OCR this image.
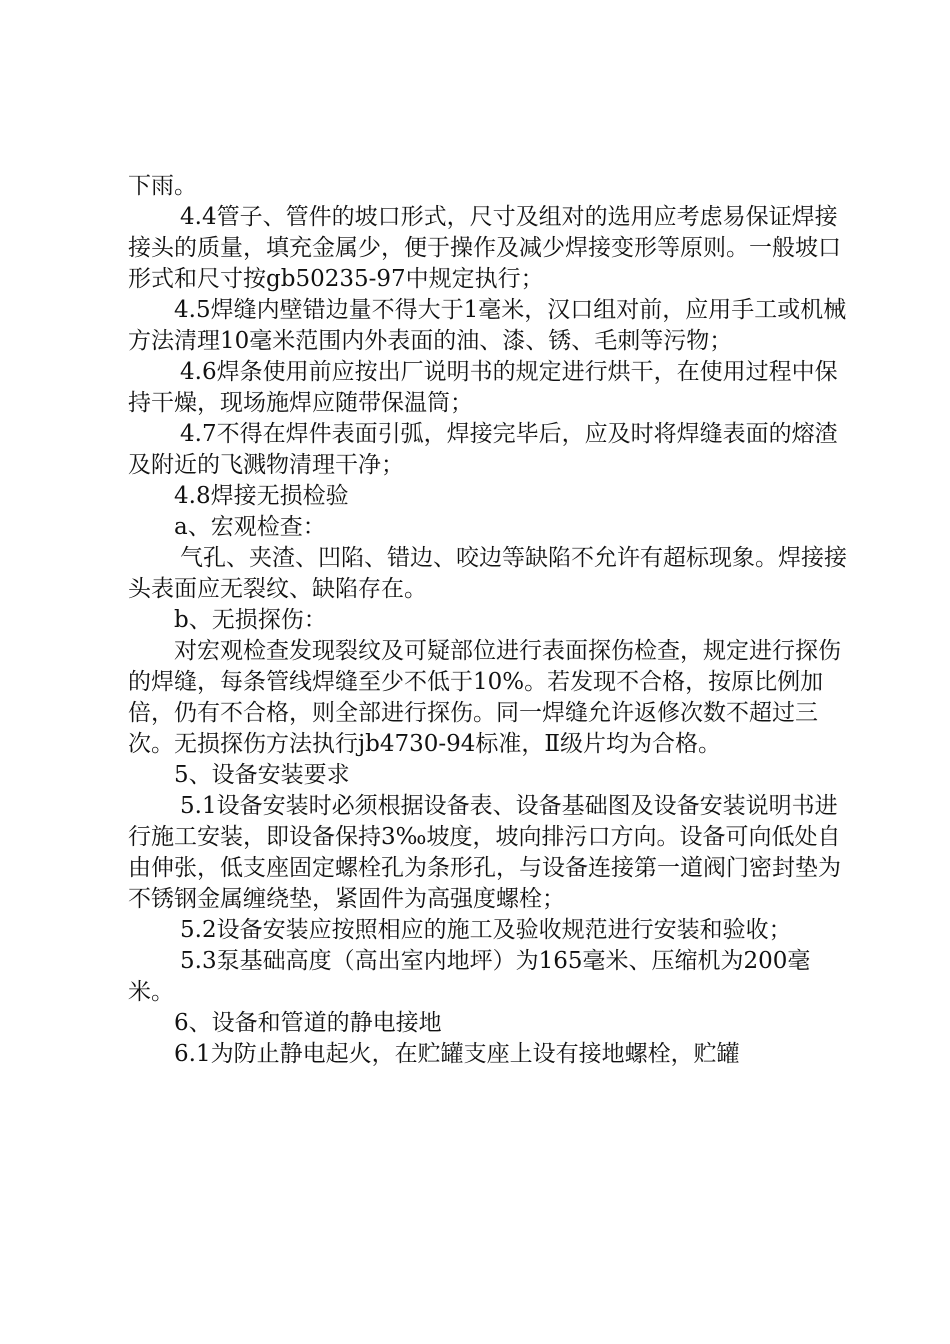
下雨。

4.4管子、管件的坡口形式，尺寸及组对的选用应考虑易保证焊接接头的质量，填充金属少，便于操作及减少焊接变形等原则。一般坡口形式和尺寸按gb50235-97中规定执行；

4.5焊缝内壁错边量不得大于1毫米，汉口组对前，应用手工或机械方法清理10毫米范围内外表面的油、漆、锈、毛刺等污物；

4.6焊条使用前应按出厂说明书的规定进行烘干，在使用过程中保持干燥，现场施焊应随带保温筒；

4.7不得在焊件表面引弧，焊接完毕后，应及时将焊缝表面的熔渣及附近的飞溅物清理干净；

4.8焊接无损检验

a、宏观检查：

气孔、夹渣、凹陷、错边、咬边等缺陷不允许有超标现象。焊接接头表面应无裂纹、缺陷存在。

b、无损探伤：

对宏观检查发现裂纹及可疑部位进行表面探伤检查，规定进行探伤的焊缝，每条管线焊缝至少不低于10%。若发现不合格，按原比例加倍，仍有不合格，则全部进行探伤。同一焊缝允许返修次数不超过三次。无损探伤方法执行jb4730-94标准，Ⅱ级片均为合格。

5、设备安装要求

5.1设备安装时必须根据设备表、设备基础图及设备安装说明书进行施工安装，即设备保持3‰坡度，坡向排污口方向。设备可向低处自由伸张，低支座固定螺栓孔为条形孔，与设备连接第一道阀门密封垫为不锈钢金属缠绕垫，紧固件为高强度螺栓；

5.2设备安装应按照相应的施工及验收规范进行安装和验收；

5.3泵基础高度（高出室内地坪）为165毫米、压缩机为200毫米。

6、设备和管道的静电接地

6.1为防止静电起火，在贮罐支座上设有接地螺栓，贮罐
